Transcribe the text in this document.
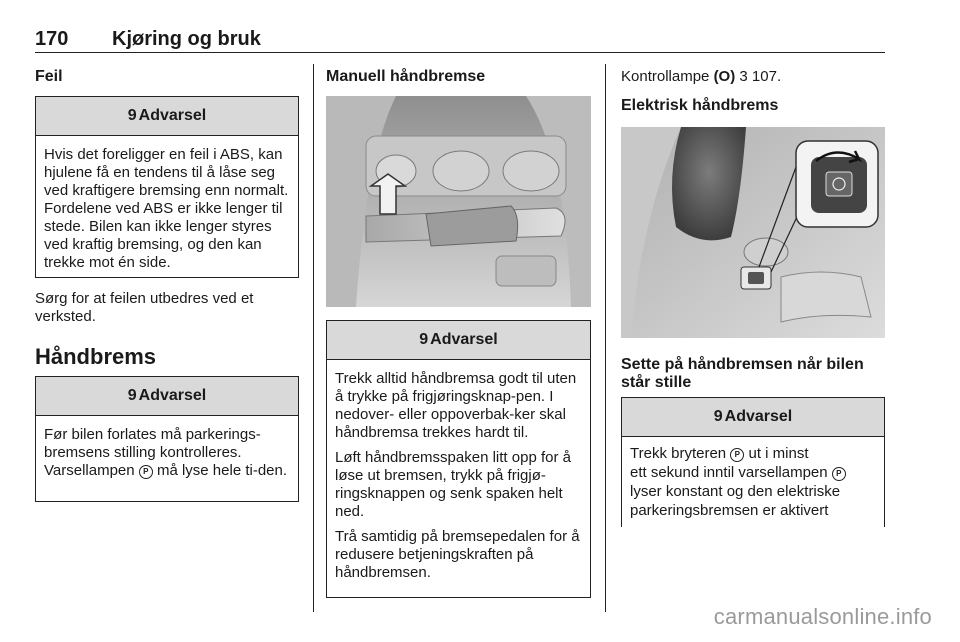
170 Kjøring og bruk
Feil
9 Advarsel

Hvis det foreligger en feil i ABS, kan hjulene få en tendens til å låse seg ved kraftigere bremsing enn normalt. Fordelene ved ABS er ikke lenger til stede. Bilen kan ikke lenger styres ved kraftig bremsing, og den kan trekke mot én side.

Sørg for at feilen utbedres ved et verksted.
Håndbrems
9 Advarsel

Før bilen forlates må parkerings-bremsens stilling kontrolleres. Varsellampen P må lyse hele ti-den.

Manuell håndbremse
9 Advarsel

Trekk alltid håndbremsa godt til uten å trykke på frigjøringsknap-pen. I nedover- eller oppoverbak-ker skal håndbremsa trekkes hardt til.

Løft håndbremsspaken litt opp for å løse ut bremsen, trykk på frigjø-ringsknappen og senk spaken helt ned.

Trå samtidig på bremsepedalen for å redusere betjeningskraften på håndbremsen.

Kontrollampe (O) 3 107.
Elektrisk håndbrems
Sette på håndbremsen når bilen står stille
9 Advarsel
Trekk bryteren P ut i minst
ett sekund inntil varsellampen P
lyser konstant og den elektriske
parkeringsbremsen er aktivert
carmanualsonline.info
